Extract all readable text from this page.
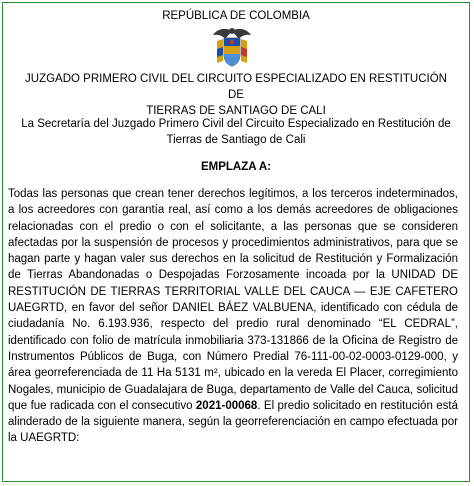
REPÚBLICA DE COLOMBIA
JUZGADO PRIMERO CIVIL DEL CIRCUITO ESPECIALIZADO EN RESTITUCIÓN DE
TIERRAS DE SANTIAGO DE CALI
La Secretaría del Juzgado Primero Civil del Circuito Especializado en Restitución de
Tierras de Santiago de Cali
EMPLAZA A:
Todas las personas que crean tener derechos legítimos, a los terceros indeterminados, a los acreedores con garantía real, así como a los demás acreedores de obligaciones relacionadas con el predio o con el solicitante, a las personas que se consideren afectadas por la suspensión de procesos y procedimientos administrativos, para que se hagan parte y hagan valer sus derechos en la solicitud de Restitución y Formalización de Tierras Abandonadas o Despojadas Forzosamente incoada por la UNIDAD DE RESTITUCIÓN DE TIERRAS TERRITORIAL VALLE DEL CAUCA — EJE CAFETERO UAEGRTD, en favor del señor DANIEL BÁEZ VALBUENA, identificado con cédula de ciudadanía No. 6.193.936, respecto del predio rural denominado “EL CEDRAL”, identificado con folio de matrícula inmobiliaria 373-131866 de la Oficina de Registro de Instrumentos Públicos de Buga, con Número Predial 76-111-00-02-0003-0129-000, y área georreferenciada de 11 Ha 5131 m², ubicado en la vereda El Placer, corregimiento Nogales, municipio de Guadalajara de Buga, departamento de Valle del Cauca, solicitud que fue radicada con el consecutivo 2021-00068. El predio solicitado en restitución está alinderado de la siguiente manera, según la georreferenciación en campo efectuada por la UAEGRTD:
